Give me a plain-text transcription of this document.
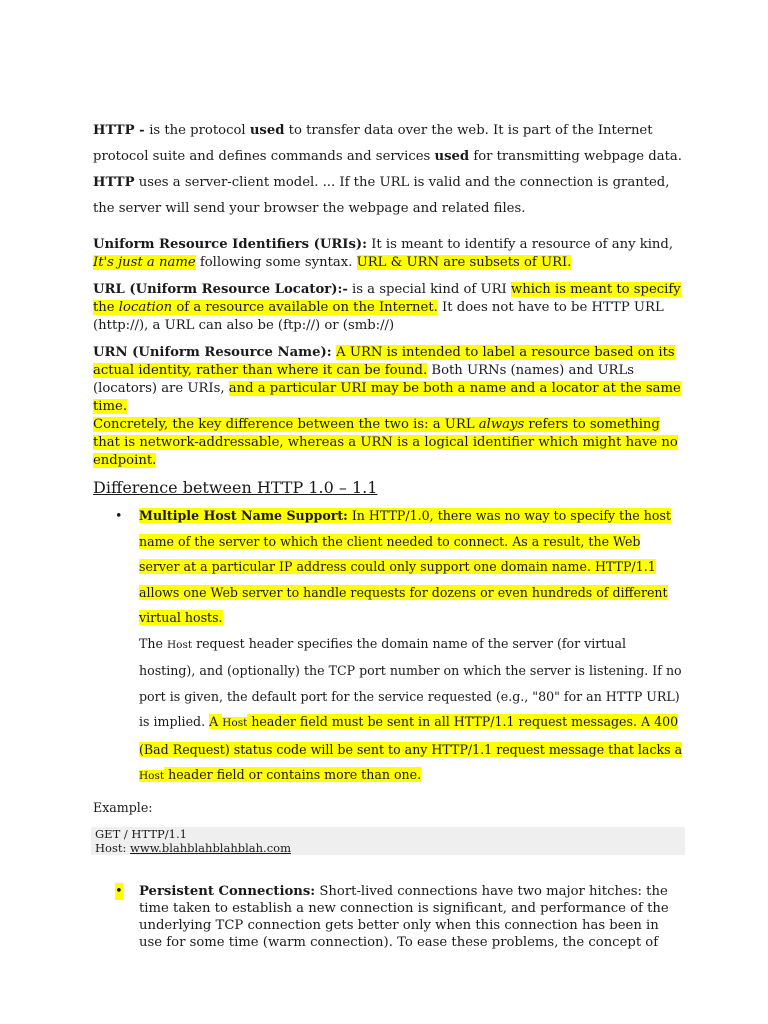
HTTP - is the protocol used to transfer data over the web. It is part of the Internet protocol suite and defines commands and services used for transmitting webpage data. HTTP uses a server-client model. ... If the URL is valid and the connection is granted, the server will send your browser the webpage and related files.

Uniform Resource Identifiers (URIs): It is meant to identify a resource of any kind, It's just a name following some syntax. URL & URN are subsets of URI.

URL (Uniform Resource Locator):- is a special kind of URI which is meant to specify the location of a resource available on the Internet. It does not have to be HTTP URL (http://), a URL can also be (ftp://) or (smb://)

URN (Uniform Resource Name): A URN is intended to label a resource based on its actual identity, rather than where it can be found. Both URNs (names) and URLs (locators) are URIs, and a particular URI may be both a name and a locator at the same time.
Concretely, the key difference between the two is: a URL always refers to something that is network-addressable, whereas a URN is a logical identifier which might have no endpoint.

Difference between HTTP 1.0 – 1.1
• Multiple Host Name Support: In HTTP/1.0, there was no way to specify the host name of the server to which the client needed to connect. As a result, the Web server at a particular IP address could only support one domain name. HTTP/1.1 allows one Web server to handle requests for dozens or even hundreds of different virtual hosts.
The Host request header specifies the domain name of the server (for virtual hosting), and (optionally) the TCP port number on which the server is listening. If no port is given, the default port for the service requested (e.g., "80" for an HTTP URL) is implied. A Host header field must be sent in all HTTP/1.1 request messages. A 400 (Bad Request) status code will be sent to any HTTP/1.1 request message that lacks a Host header field or contains more than one.
Example:
GET / HTTP/1.1
Host: www.blahblahblahblah.com
• Persistent Connections: Short-lived connections have two major hitches: the time taken to establish a new connection is significant, and performance of the underlying TCP connection gets better only when this connection has been in use for some time (warm connection). To ease these problems, the concept of
